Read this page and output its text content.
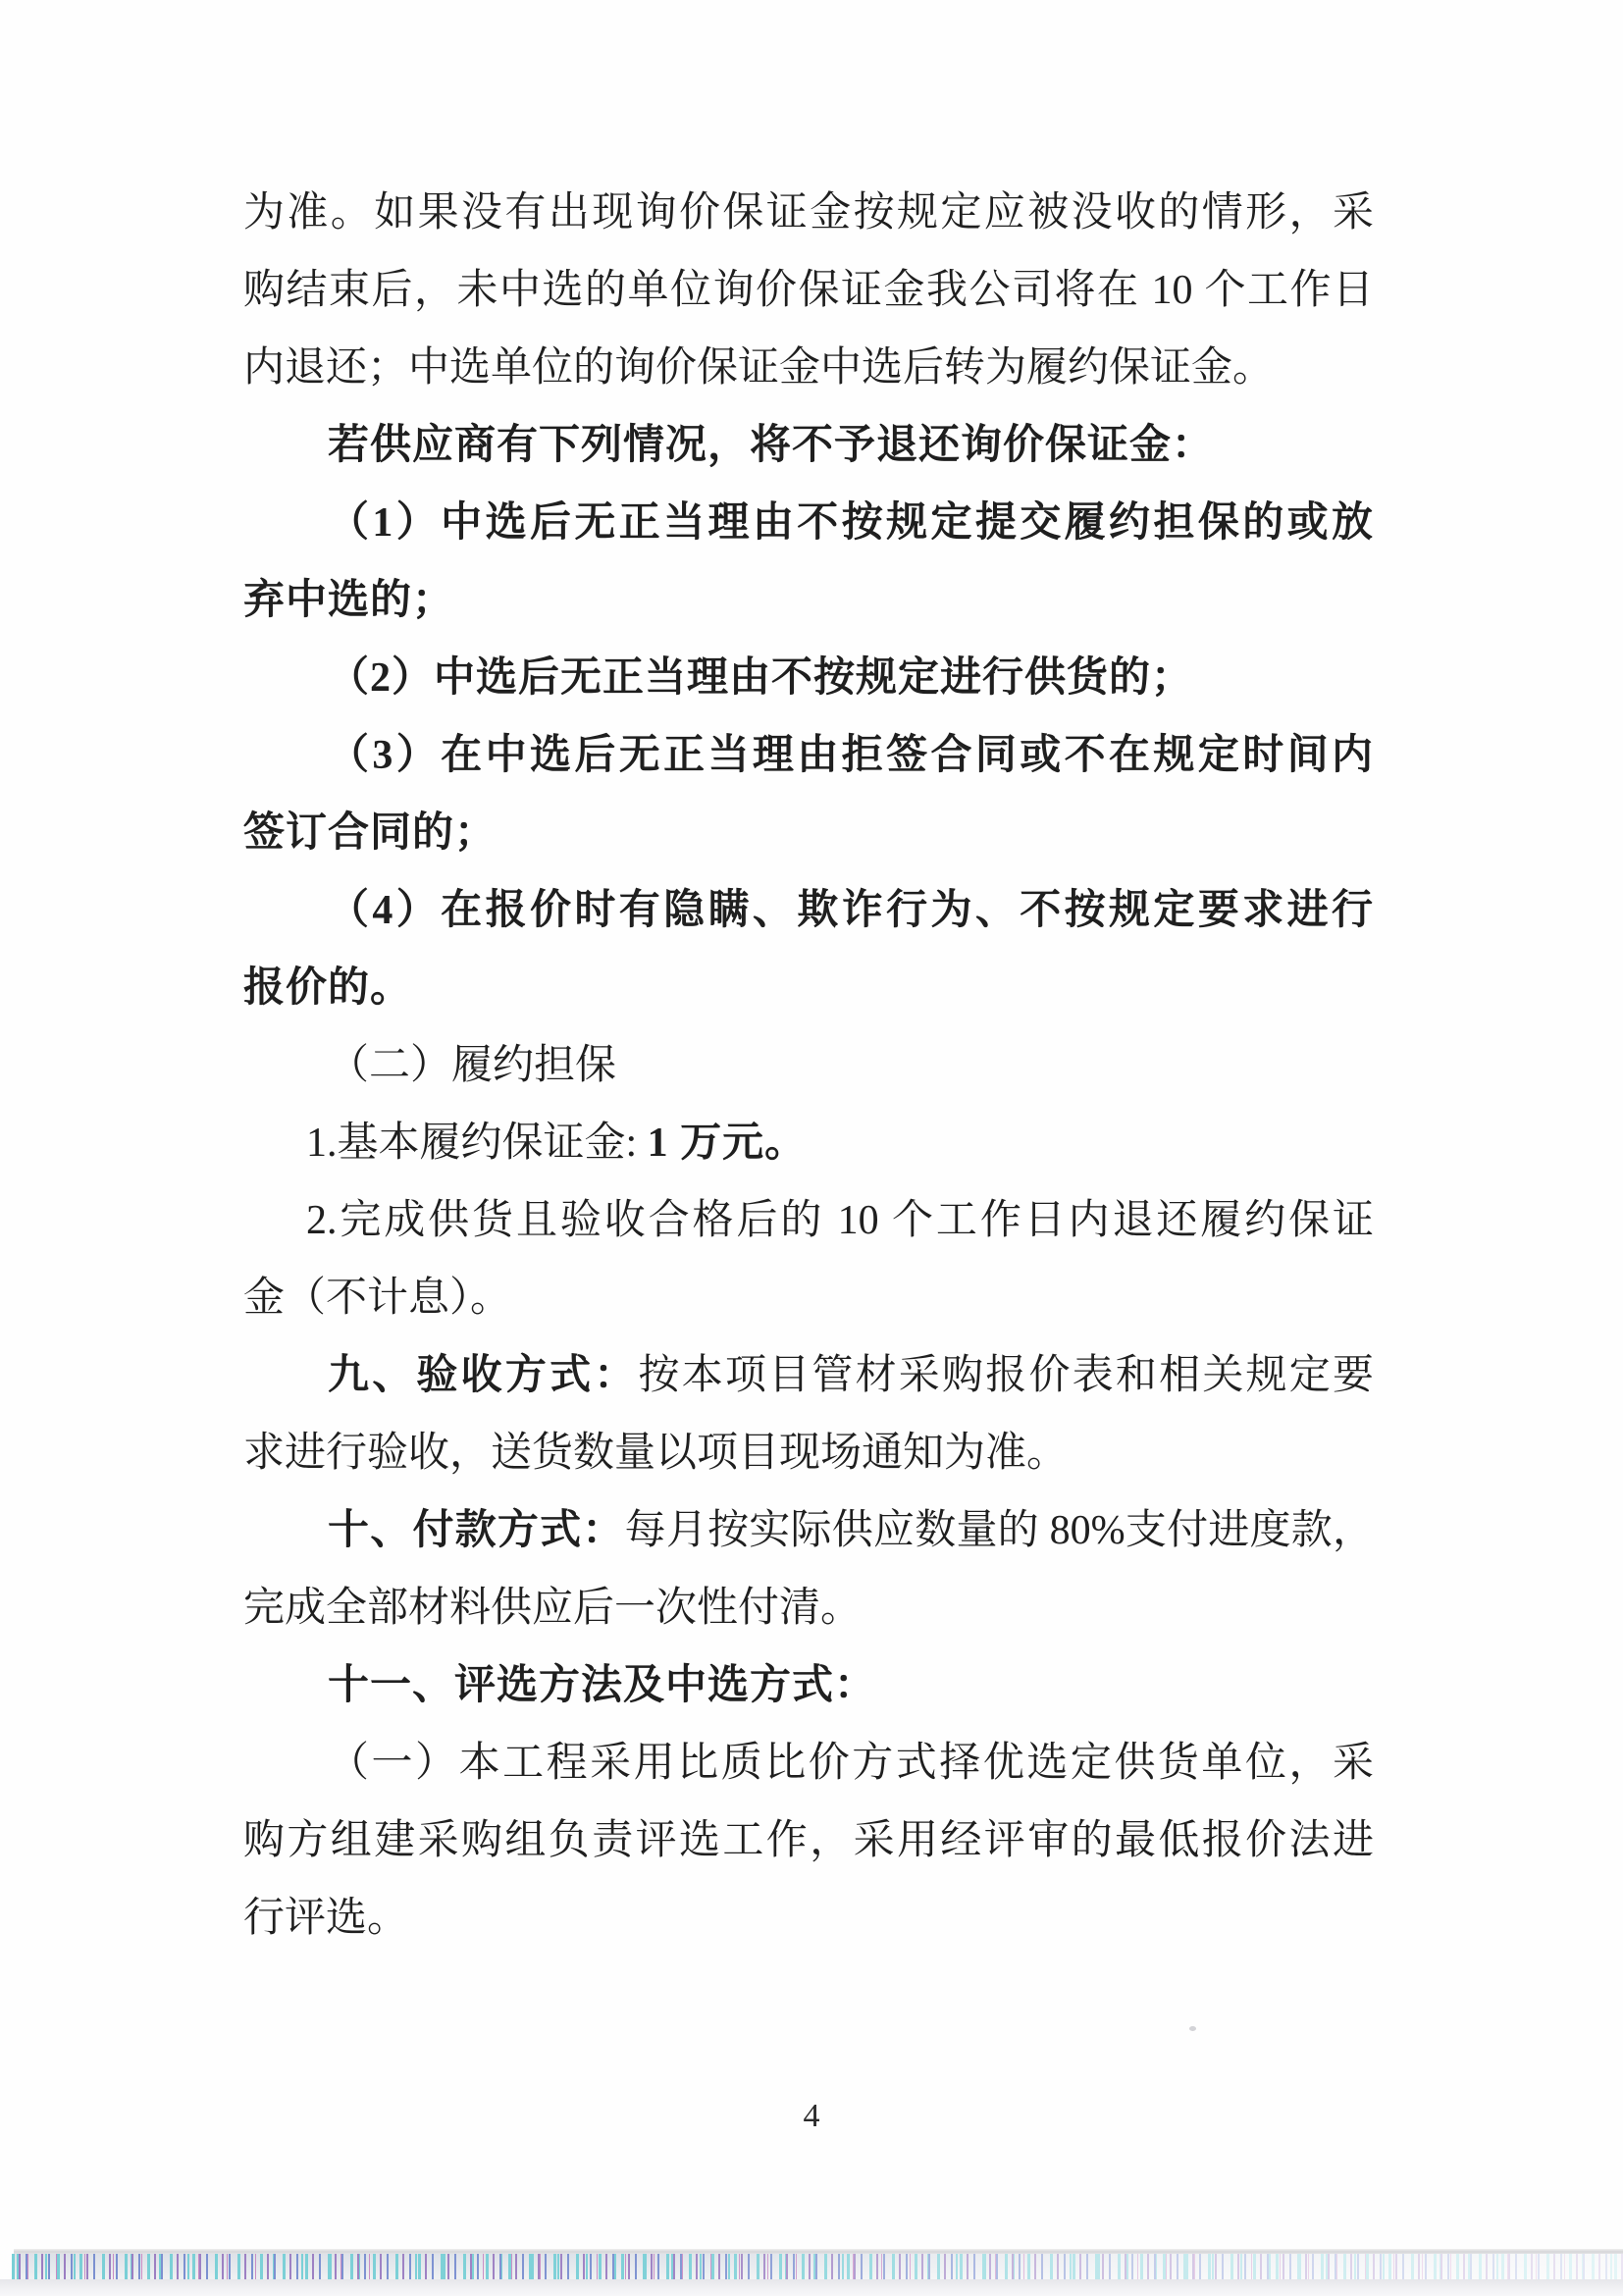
为准。如果没有出现询价保证金按规定应被没收的情形，采
购结束后，未中选的单位询价保证金我公司将在 10 个工作日
内退还；中选单位的询价保证金中选后转为履约保证金。
若供应商有下列情况，将不予退还询价保证金：
（1）中选后无正当理由不按规定提交履约担保的或放
弃中选的；
（2）中选后无正当理由不按规定进行供货的；
（3）在中选后无正当理由拒签合同或不在规定时间内
签订合同的；
（4）在报价时有隐瞒、欺诈行为、不按规定要求进行
报价的。
（二）履约担保
1.基本履约保证金: 1 万元。
2.完成供货且验收合格后的 10 个工作日内退还履约保证
金（不计息）。
九、验收方式：按本项目管材采购报价表和相关规定要
求进行验收，送货数量以项目现场通知为准。
十、付款方式：每月按实际供应数量的 80%支付进度款，
完成全部材料供应后一次性付清。
十一、评选方法及中选方式：
（一）本工程采用比质比价方式择优选定供货单位，采
购方组建采购组负责评选工作，采用经评审的最低报价法进
行评选。
4
